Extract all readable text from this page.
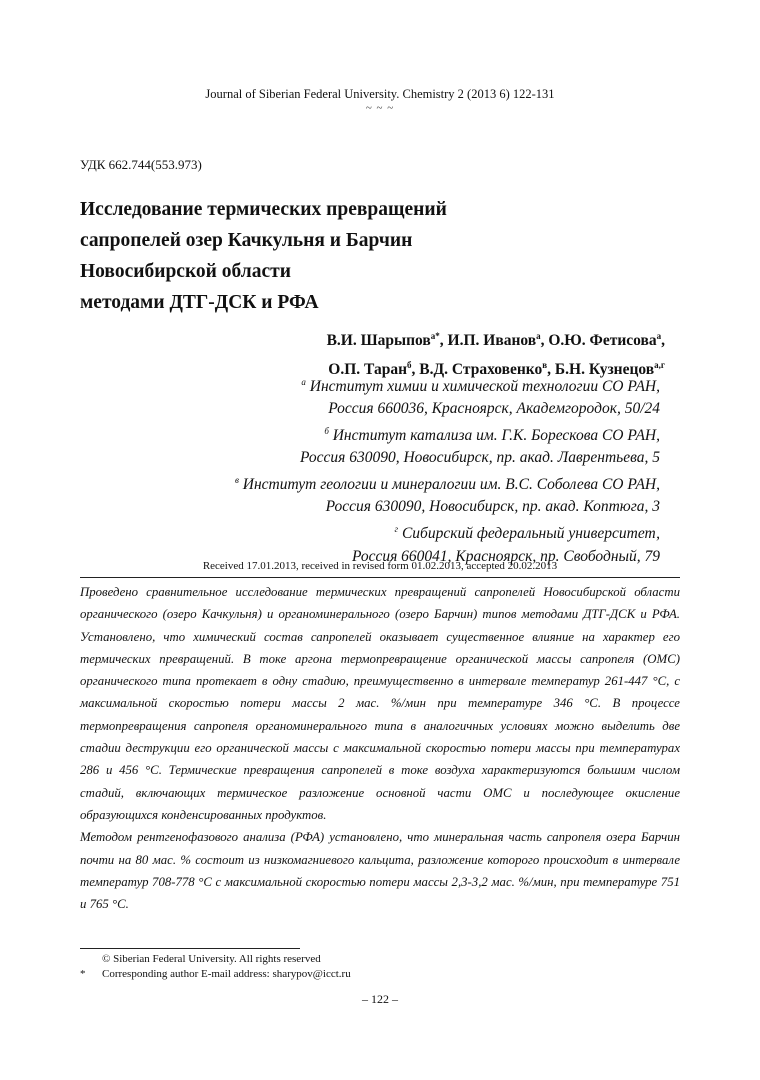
Journal of Siberian Federal University. Chemistry 2 (2013 6) 122-131
~ ~ ~
УДК 662.744(553.973)
Исследование термических превращений
сапропелей озер Качкульня и Барчин
Новосибирской области
методами ДТГ-ДСК и РФА
В.И. Шарыпов$^{а*}$, И.П. Иванов$^а$, О.Ю. Фетисова$^а$,
О.П. Таран$^б$, В.Д. Страховенко$^в$, Б.Н. Кузнецов$^{а,г}$
$^а$ Институт химии и химической технологии СО РАН,
Россия 660036, Красноярск, Академгородок, 50/24
$^б$ Институт катализа им. Г.К. Борескова СО РАН,
Россия 630090, Новосибирск, пр. акад. Лаврентьева, 5
$^в$ Институт геологии и минералогии им. В.С. Соболева СО РАН,
Россия 630090, Новосибирск, пр. акад. Коптюга, 3
$^г$ Сибирский федеральный университет,
Россия 660041, Красноярск, пр. Свободный, 79
Received 17.01.2013, received in revised form 01.02.2013, accepted 20.02.2013

Проведено сравнительное исследование термических превращений сапропелей Новосибирской области органического (озеро Качкульня) и органоминерального (озеро Барчин) типов методами ДТГ-ДСК и РФА. Установлено, что химический состав сапропелей оказывает существенное влияние на характер его термических превращений. В токе аргона термопревращение органической массы сапропеля (ОМС) органического типа протекает в одну стадию, преимущественно в интервале температур 261-447 °С, с максимальной скоростью потери массы 2 мас. %/мин при температуре 346 °С. В процессе термопревращения сапропеля органоминерального типа в аналогичных условиях можно выделить две стадии деструкции его органической массы с максимальной скоростью потери массы при температурах 286 и 456 °С. Термические превращения сапропелей в токе воздуха характеризуются большим числом стадий, включающих термическое разложение основной части ОМС и последующее окисление образующихся конденсированных продуктов.

Методом рентгенофазового анализа (РФА) установлено, что минеральная часть сапропеля озера Барчин почти на 80 мас. % состоит из низкомагниевого кальцита, разложение которого происходит в интервале температур 708-778 °С с максимальной скоростью потери массы 2,3-3,2 мас. %/мин, при температуре 751 и 765 °С.

© Siberian Federal University. All rights reserved
*	Corresponding author E-mail address: sharypov@icct.ru
– 122 –
